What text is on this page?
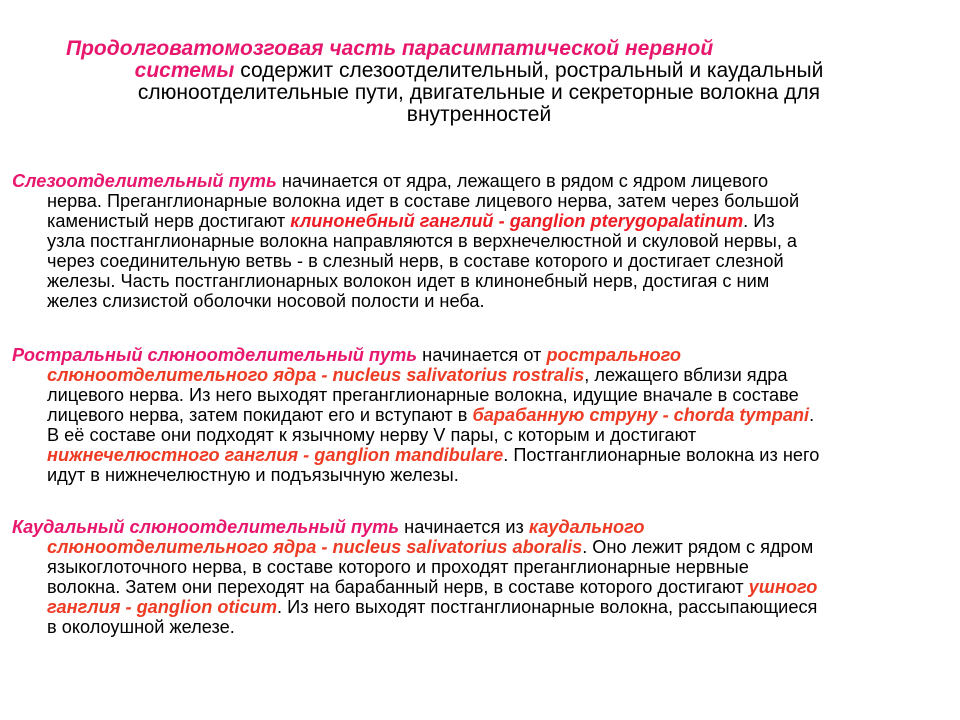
Продолговатомозговая часть парасимпатической нервной
системы содержит слезоотделительный, ростральный и каудальный
слюноотделительные пути, двигательные и секреторные волокна для
внутренностей
Слезоотделительный путь начинается от ядра, лежащего в рядом с ядром лицевого
нерва. Преганглионарные волокна идет в составе лицевого нерва, затем через большой
каменистый нерв достигают клинонебный ганглий - ganglion pterygopalatinum. Из
узла постганглионарные волокна направляются в верхнечелюстной и скуловой нервы, а
через соединительную ветвь - в слезный нерв, в составе которого и достигает слезной
железы. Часть постганглионарных волокон идет в клинонебный нерв, достигая с ним
желез слизистой оболочки носовой полости и неба.
Ростральный слюноотделительный путь начинается от рострального
слюноотделительного ядра - nucleus salivatorius rostralis, лежащего вблизи ядра
лицевого нерва. Из него выходят преганглионарные волокна, идущие вначале в составе
лицевого нерва, затем покидают его и вступают в барабанную струну - chorda tympani.
В её составе они подходят к язычному нерву V пары, с которым и достигают
нижнечелюстного ганглия - ganglion mandibulare. Постганглионарные волокна из него
идут в нижнечелюстную и подъязычную железы.
Каудальный слюноотделительный путь начинается из каудального
слюноотделительного ядра - nucleus salivatorius aboralis. Оно лежит рядом с ядром
языкоглоточного нерва, в составе которого и проходят преганглионарные нервные
волокна. Затем они переходят на барабанный нерв, в составе которого достигают ушного
ганглия - ganglion oticum. Из него выходят постганглионарные волокна, рассыпающиеся
в околоушной железе.
